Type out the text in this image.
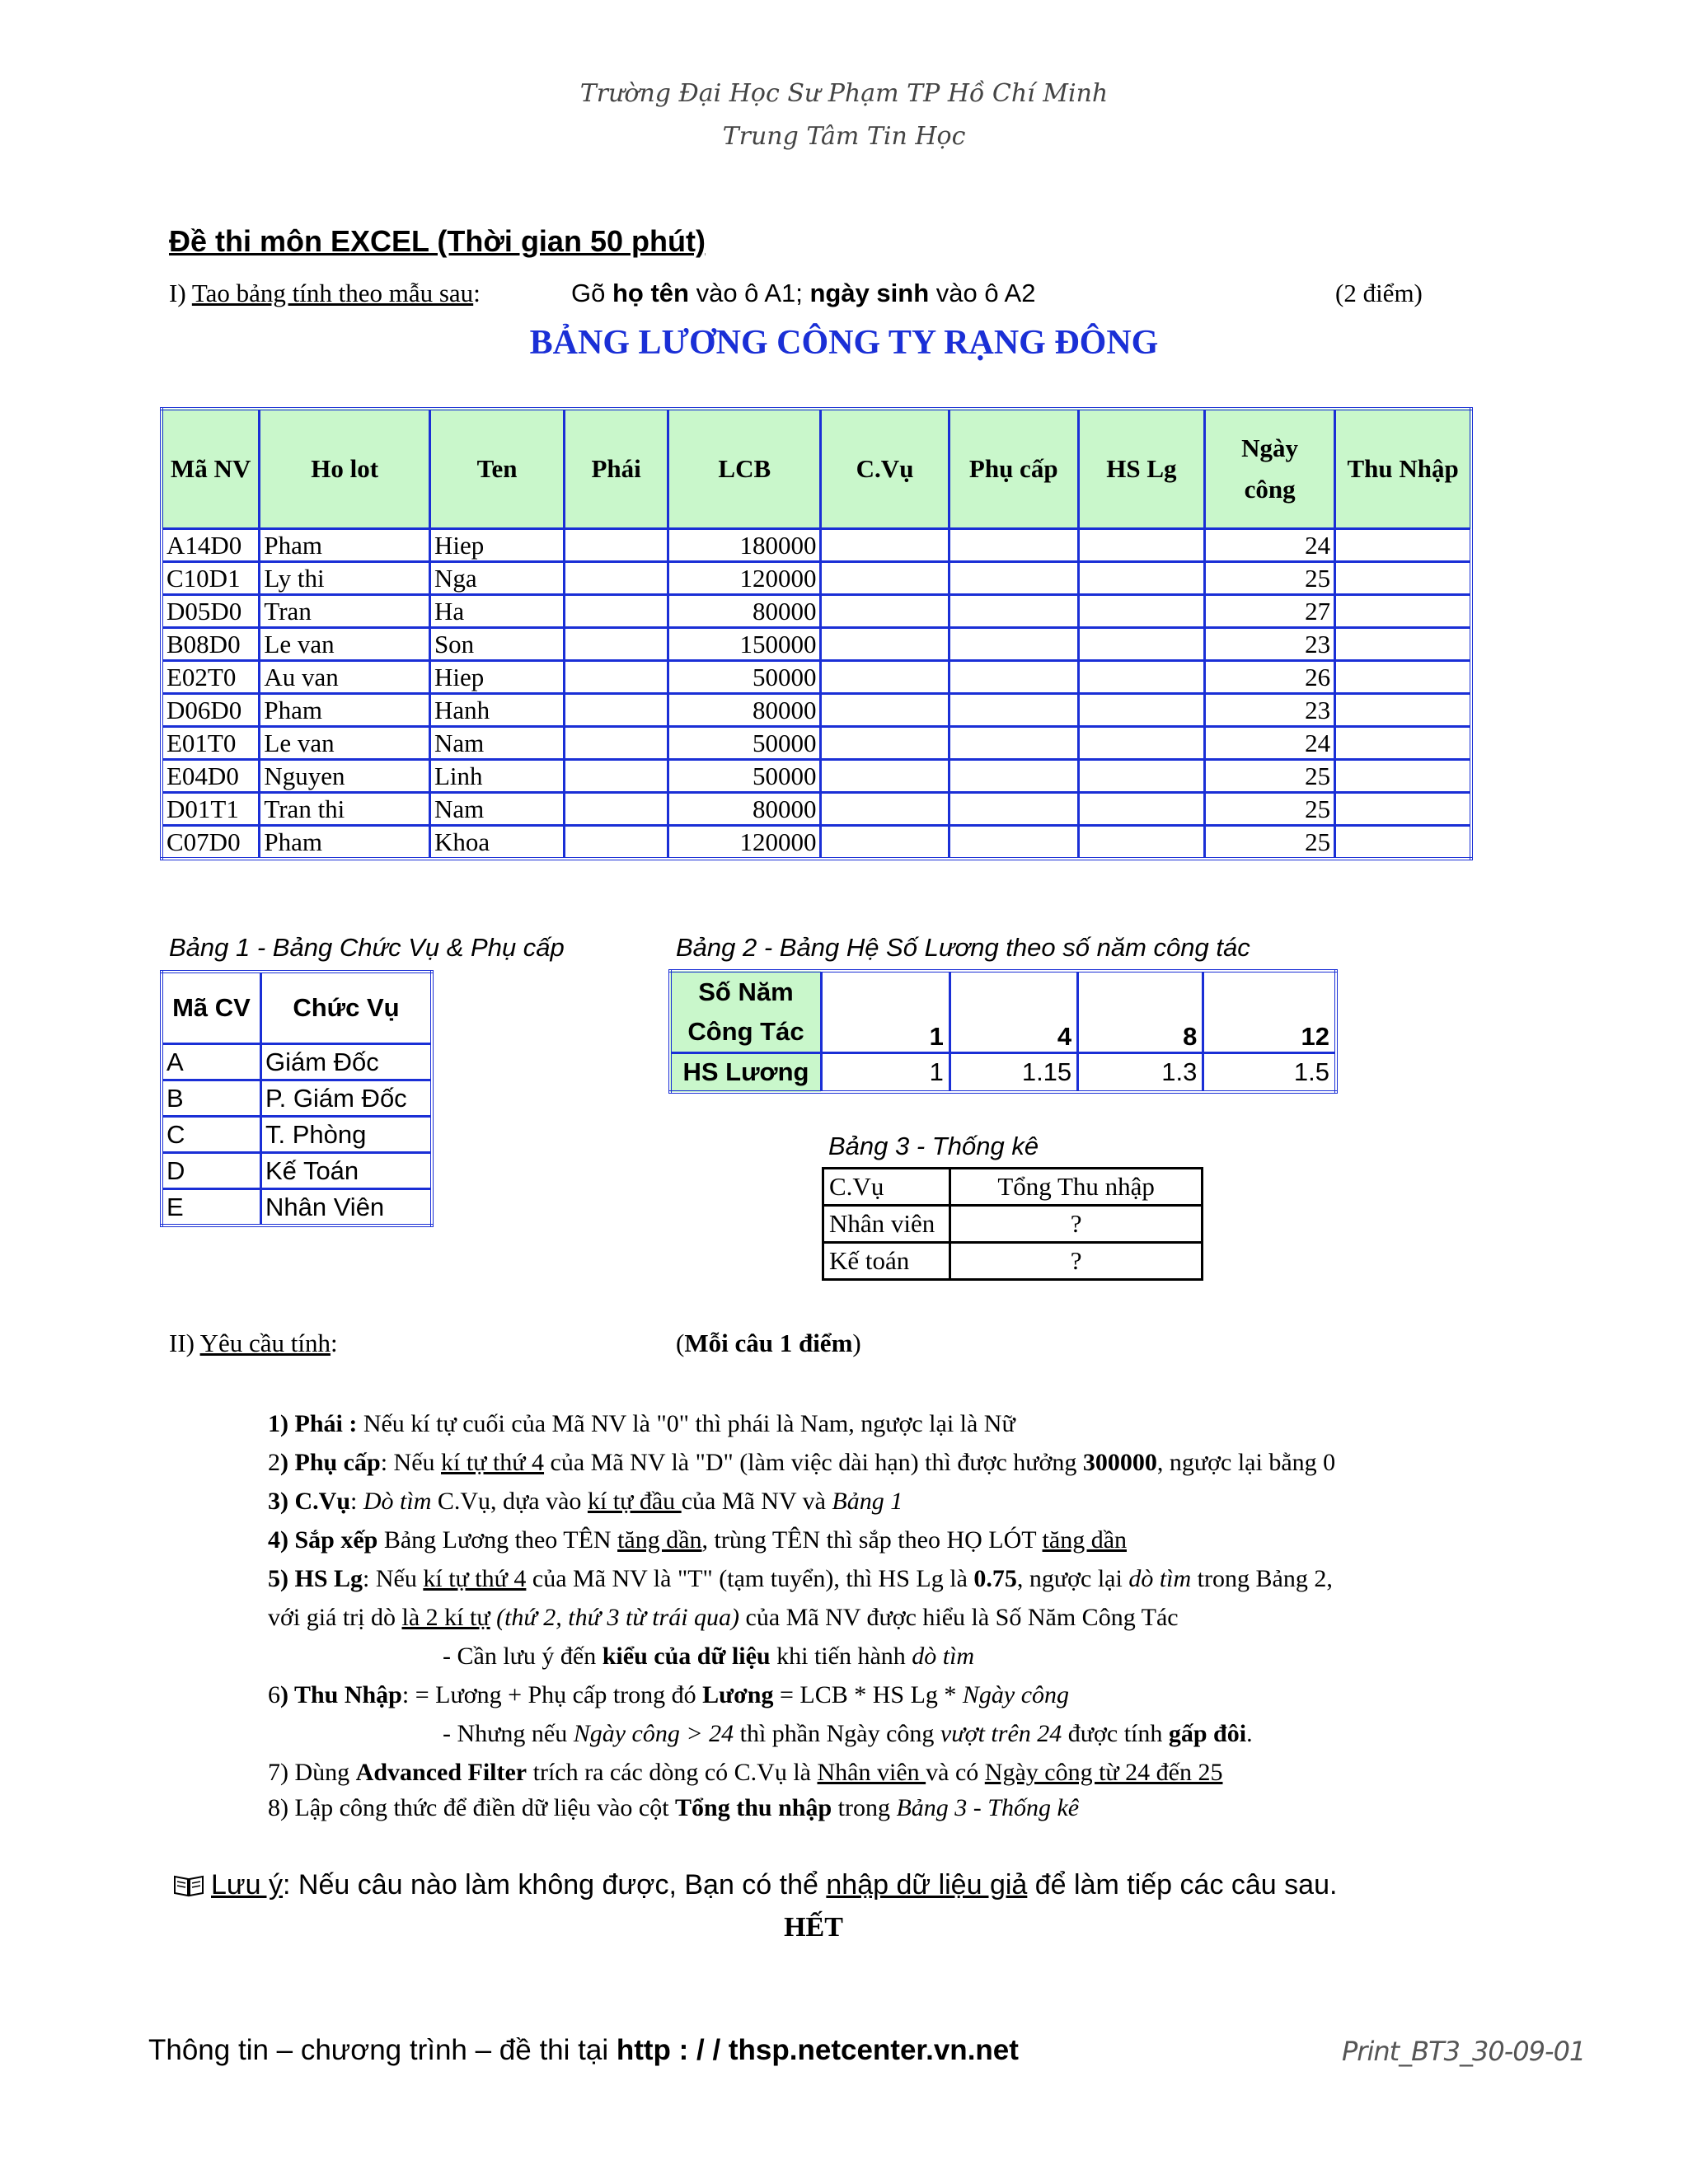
Trường Đại Học Sư Phạm TP Hồ Chí Minh
Trung Tâm Tin Học
Đề thi môn EXCEL (Thời gian 50 phút)
I) Tao bảng tính theo mẫu sau:	Gõ họ tên vào ô A1; ngày sinh vào ô A2	(2 điểm)
BẢNG LƯƠNG CÔNG TY RẠNG ĐÔNG
Mã NV	Ho lot	Ten	Phái	LCB	C.Vụ	Phụ cấp	HS Lg	Ngày công	Thu Nhập
A14D0	Pham	Hiep		180000				24	
C10D1	Ly thi	Nga		120000				25	
D05D0	Tran	Ha		80000				27	
B08D0	Le van	Son		150000				23	
E02T0	Au van	Hiep		50000				26	
D06D0	Pham	Hanh		80000				23	
E01T0	Le van	Nam		50000				24	
E04D0	Nguyen	Linh		50000				25	
D01T1	Tran thi	Nam		80000				25	
C07D0	Pham	Khoa		120000				25	
Bảng 1 - Bảng Chức Vụ & Phụ cấp
Mã CV	Chức Vụ
A	Giám Đốc
B	P. Giám Đốc
C	T. Phòng
D	Kế Toán
E	Nhân Viên
Bảng 2 - Bảng Hệ Số Lương theo số năm công tác
Số Năm
Công Tác	1	4	8	12
HS Lương	1	1.15	1.3	1.5
Bảng 3 - Thống kê
C.Vụ	Tổng Thu nhập
Nhân viên	?
Kế toán	?
II) Yêu cầu tính:	(Mỗi câu 1 điểm)
1) Phái : Nếu kí tự cuối của Mã NV là "0" thì phái là Nam, ngược lại là Nữ
2) Phụ cấp: Nếu kí tự thứ 4 của Mã NV là "D" (làm việc dài hạn) thì được hưởng 300000, ngược lại bằng 0
3) C.Vụ: Dò tìm C.Vụ, dựa vào kí tự đầu của Mã NV và Bảng 1
4) Sắp xếp Bảng Lương theo TÊN tăng dần, trùng TÊN thì sắp theo HỌ LÓT tăng dần
5) HS Lg: Nếu kí tự thứ 4 của Mã NV là "T" (tạm tuyển), thì HS Lg là 0.75, ngược lại dò tìm trong Bảng 2,
với giá trị dò là 2 kí tự (thứ 2, thứ 3 từ trái qua) của Mã NV được hiểu là Số Năm Công Tác
- Cần lưu ý đến kiểu của dữ liệu khi tiến hành dò tìm
6) Thu Nhập: = Lương + Phụ cấp trong đó Lương = LCB * HS Lg * Ngày công
- Nhưng nếu Ngày công > 24 thì phần Ngày công vượt trên 24 được tính gấp đôi.
7) Dùng Advanced Filter trích ra các dòng có C.Vụ là Nhân viên và có Ngày công từ 24 đến 25
8) Lập công thức để điền dữ liệu vào cột Tổng thu nhập trong Bảng 3 - Thống kê
Lưu ý: Nếu câu nào làm không được, Bạn có thể nhập dữ liệu giả để làm tiếp các câu sau.
HẾT
Thông tin – chương trình – đề thi tại http : / / thsp.netcenter.vn.net	Print_BT3_30-09-01
